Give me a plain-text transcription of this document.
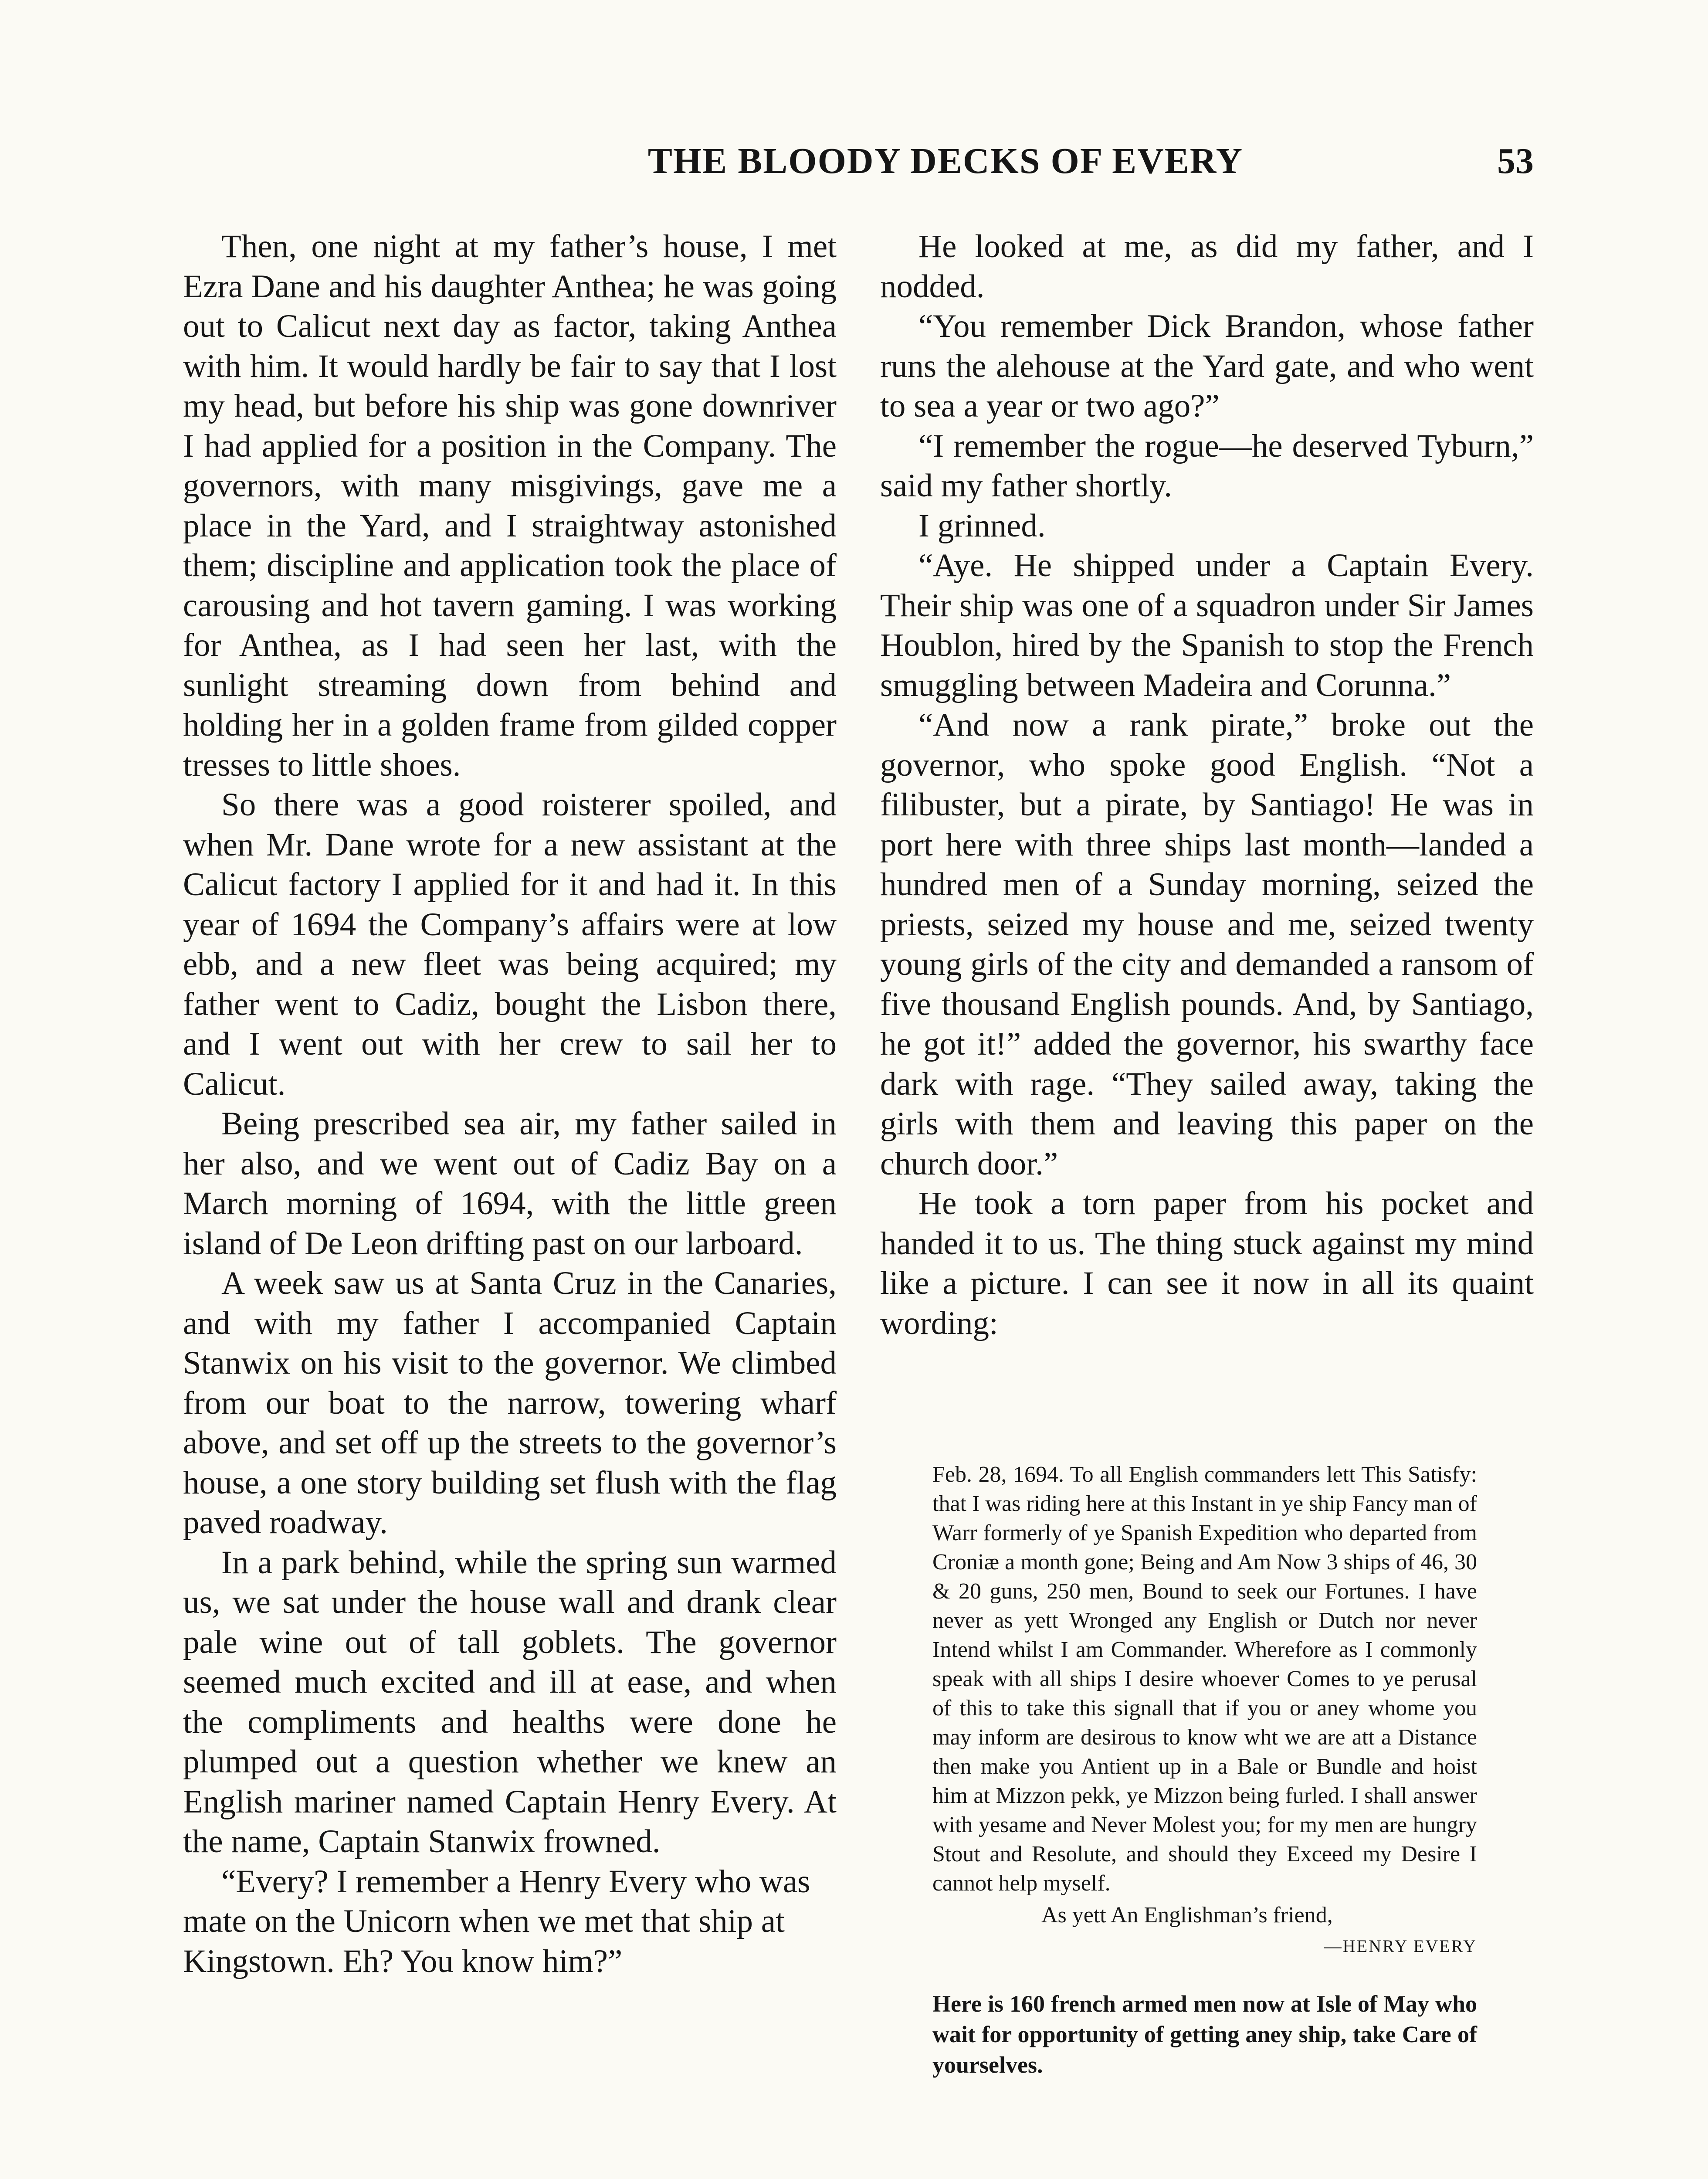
THE BLOODY DECKS OF EVERY	53

Then, one night at my father’s house, I met Ezra Dane and his daughter Anthea; he was going out to Calicut next day as factor, taking Anthea with him. It would hardly be fair to say that I lost my head, but before his ship was gone downriver I had applied for a position in the Company. The governors, with many misgivings, gave me a place in the Yard, and I straightway astonished them; discipline and application took the place of carousing and hot tavern gaming. I was working for Anthea, as I had seen her last, with the sunlight streaming down from behind and holding her in a golden frame from gilded copper tresses to little shoes.

So there was a good roisterer spoiled, and when Mr. Dane wrote for a new assistant at the Calicut factory I applied for it and had it. In this year of 1694 the Company’s affairs were at low ebb, and a new fleet was being acquired; my father went to Cadiz, bought the Lisbon there, and I went out with her crew to sail her to Calicut.

Being prescribed sea air, my father sailed in her also, and we went out of Cadiz Bay on a March morning of 1694, with the little green island of De Leon drifting past on our larboard.

A week saw us at Santa Cruz in the Canaries, and with my father I accompanied Captain Stanwix on his visit to the governor. We climbed from our boat to the narrow, towering wharf above, and set off up the streets to the governor’s house, a one story building set flush with the flag paved roadway.

In a park behind, while the spring sun warmed us, we sat under the house wall and drank clear pale wine out of tall goblets. The governor seemed much excited and ill at ease, and when the compliments and healths were done he plumped out a question whether we knew an English mariner named Captain Henry Every. At the name, Captain Stanwix frowned.

“Every? I remember a Henry Every who was mate on the Unicorn when we met that ship at Kingstown. Eh? You know him?”

He looked at me, as did my father, and I nodded.

“You remember Dick Brandon, whose father runs the alehouse at the Yard gate, and who went to sea a year or two ago?”

“I remember the rogue—he deserved Tyburn,” said my father shortly.

I grinned.

“Aye. He shipped under a Captain Every. Their ship was one of a squadron under Sir James Houblon, hired by the Spanish to stop the French smuggling between Madeira and Corunna.”

“And now a rank pirate,” broke out the governor, who spoke good English. “Not a filibuster, but a pirate, by Santiago! He was in port here with three ships last month—landed a hundred men of a Sunday morning, seized the priests, seized my house and me, seized twenty young girls of the city and demanded a ransom of five thousand English pounds. And, by Santiago, he got it!” added the governor, his swarthy face dark with rage. “They sailed away, taking the girls with them and leaving this paper on the church door.”

He took a torn paper from his pocket and handed it to us. The thing stuck against my mind like a picture. I can see it now in all its quaint wording:

Feb. 28, 1694. To all English commanders lett This Satisfy: that I was riding here at this Instant in ye ship Fancy man of Warr formerly of ye Spanish Expedition who departed from Croniæ a month gone; Being and Am Now 3 ships of 46, 30 & 20 guns, 250 men, Bound to seek our Fortunes. I have never as yett Wronged any English or Dutch nor never Intend whilst I am Commander. Wherefore as I commonly speak with all ships I desire whoever Comes to ye perusal of this to take this signall that if you or aney whome you may inform are desirous to know wht we are att a Distance then make you Antient up in a Bale or Bundle and hoist him at Mizzon pekk, ye Mizzon being furled. I shall answer with yesame and Never Molest you; for my men are hungry Stout and Resolute, and should they Exceed my Desire I cannot help myself.

As yett An Englishman’s friend,

—HENRY EVERY

Here is 160 french armed men now at Isle of May who wait for opportunity of getting aney ship, take Care of yourselves.
